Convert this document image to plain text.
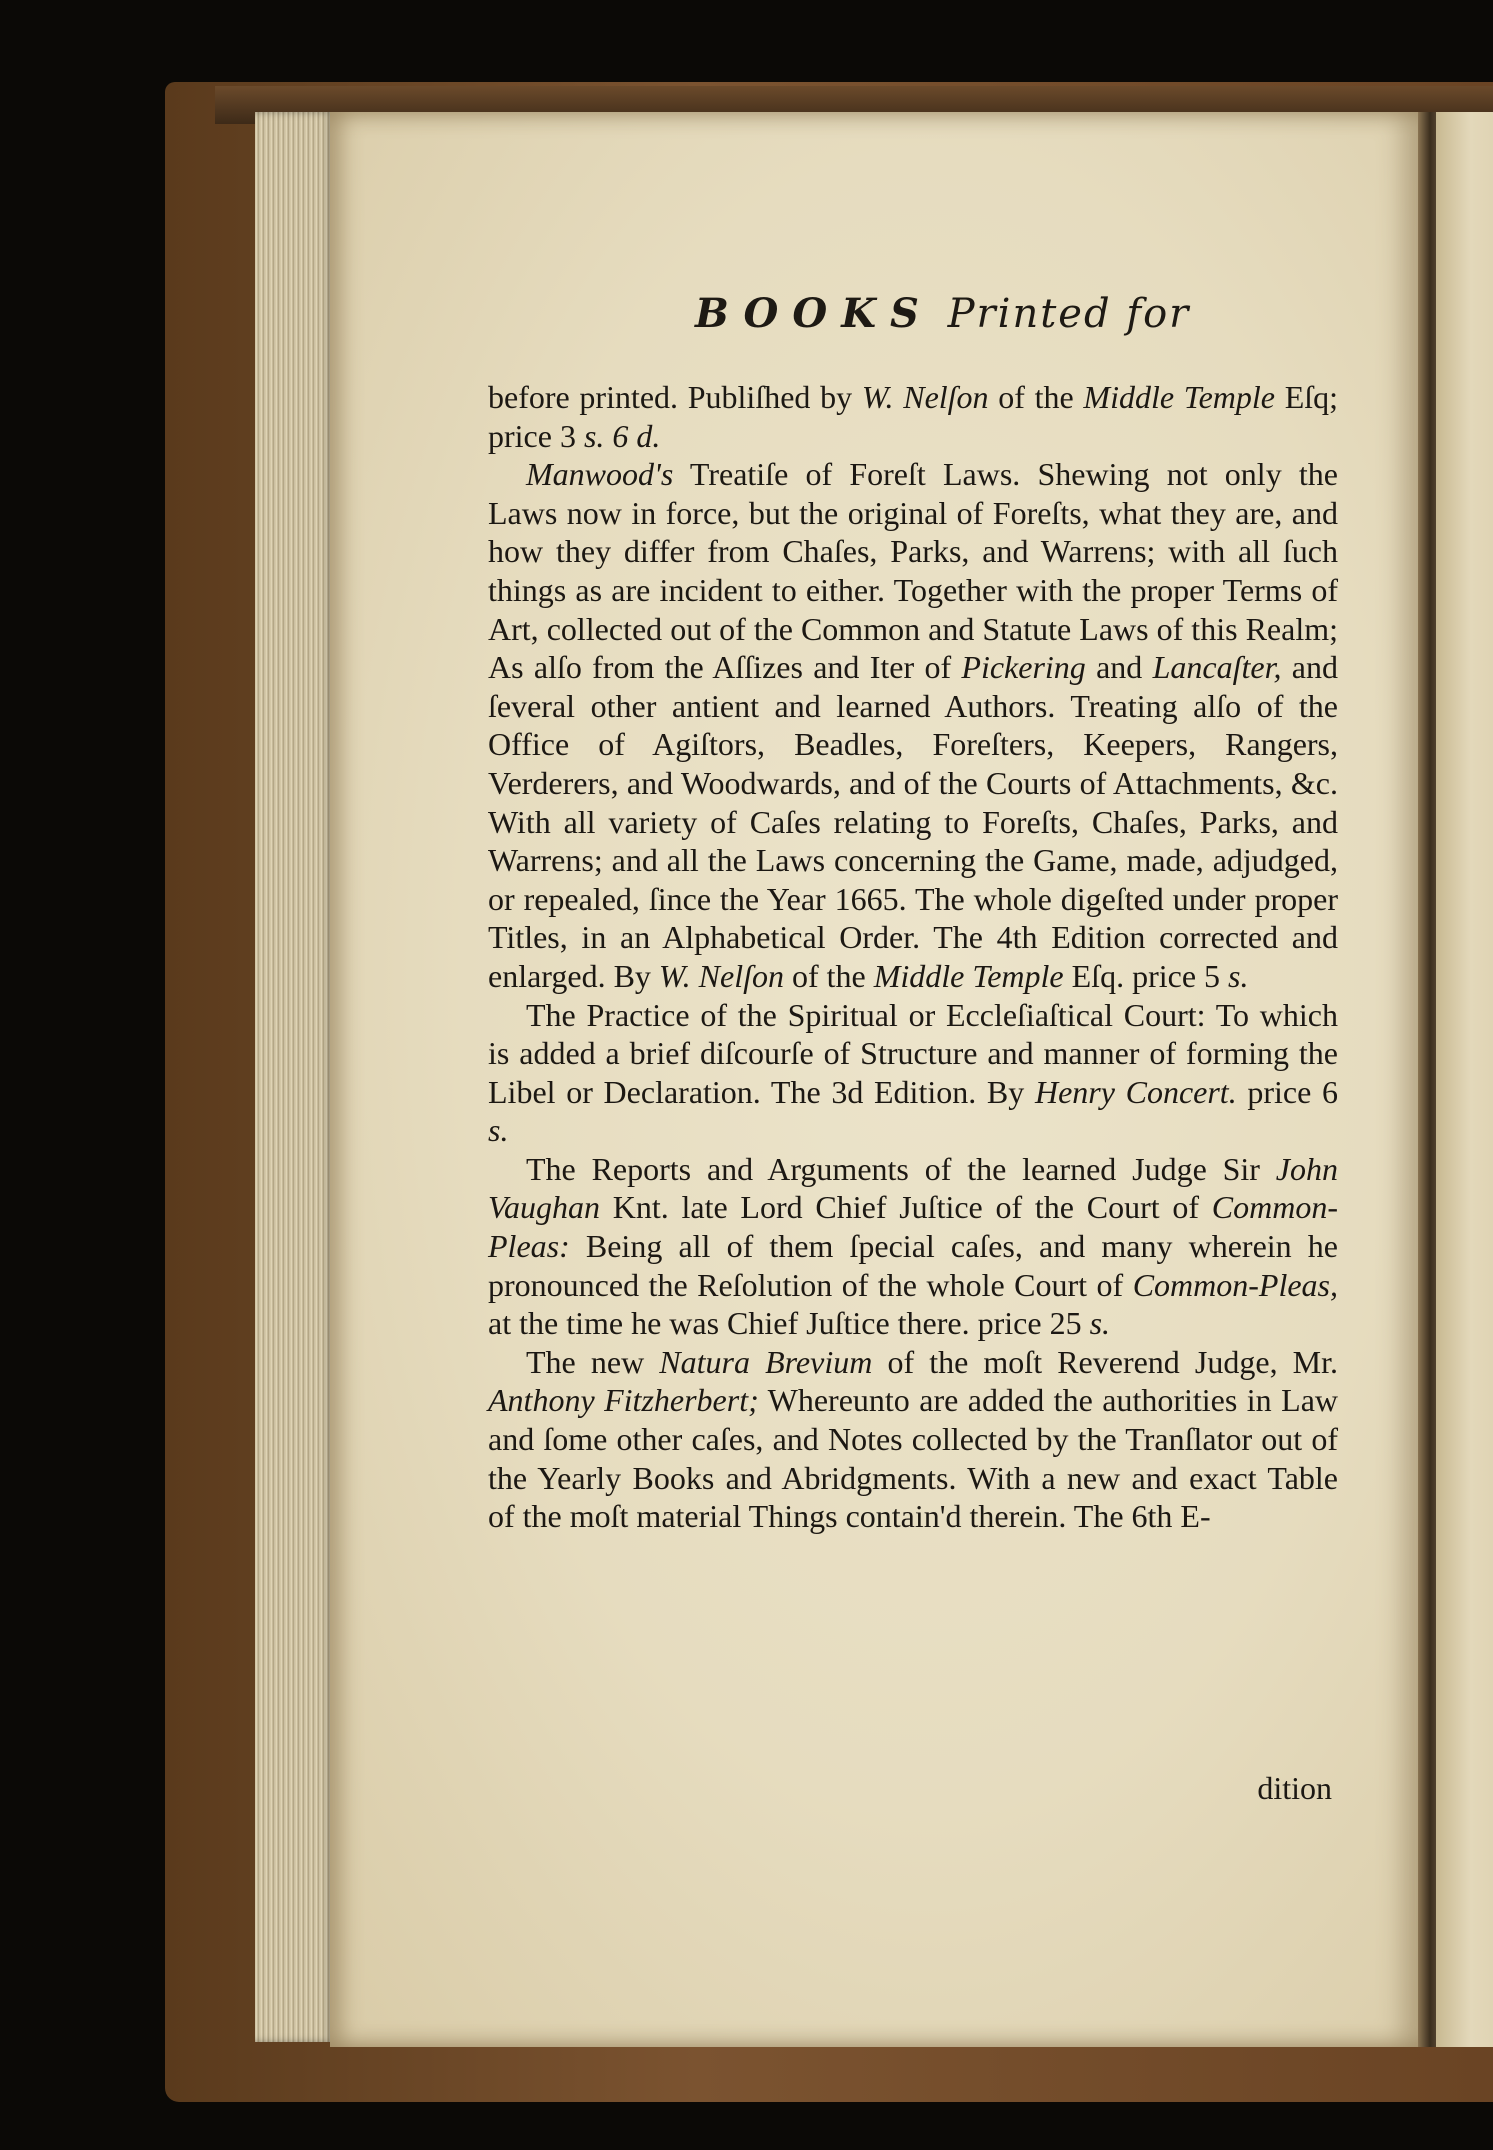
BOOKS Printed for

before printed. Publiſhed by W. Nelſon of the Middle Temple Eſq; price 3 s. 6 d.

Manwood's Treatiſe of Foreſt Laws. Shewing not only the Laws now in force, but the original of Foreſts, what they are, and how they differ from Chaſes, Parks, and Warrens; with all ſuch things as are incident to either. Together with the proper Terms of Art, collected out of the Common and Statute Laws of this Realm; As alſo from the Aſſizes and Iter of Pickering and Lancaſter, and ſeveral other antient and learned Authors. Treating alſo of the Office of Agiſtors, Beadles, Foreſters, Keepers, Rangers, Verderers, and Woodwards, and of the Courts of Attachments, &c. With all variety of Caſes relating to Foreſts, Chaſes, Parks, and Warrens; and all the Laws concerning the Game, made, adjudged, or repealed, ſince the Year 1665. The whole digeſted under proper Titles, in an Alphabetical Order. The 4th Edition corrected and enlarged. By W. Nelſon of the Middle Temple Eſq. price 5 s.

The Practice of the Spiritual or Eccleſiaſtical Court: To which is added a brief diſcourſe of Structure and manner of forming the Libel or Declaration. The 3d Edition. By Henry Concert. price 6 s.

The Reports and Arguments of the learned Judge Sir John Vaughan Knt. late Lord Chief Juſtice of the Court of Common-Pleas: Being all of them ſpecial caſes, and many wherein he pronounced the Reſolution of the whole Court of Common-Pleas, at the time he was Chief Juſtice there. price 25 s.

The new Natura Brevium of the moſt Reverend Judge, Mr. Anthony Fitzherbert; Whereunto are added the authorities in Law and ſome other caſes, and Notes collected by the Tranſlator out of the Yearly Books and Abridgments. With a new and exact Table of the moſt material Things contain'd therein. The 6th E-

dition
